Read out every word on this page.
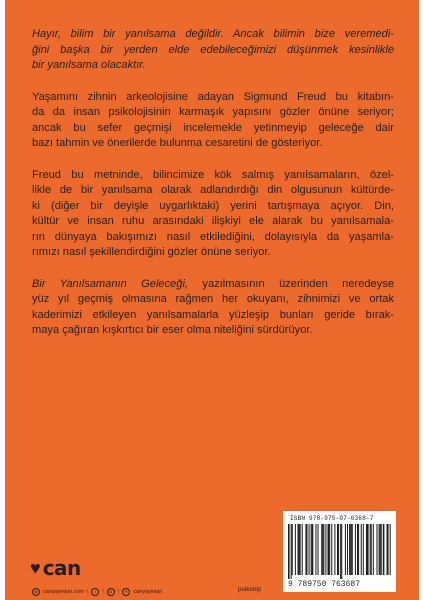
Hayır, bilim bir yanılsama değildir. Ancak bilimin bize veremedi-
ğini başka bir yerden elde edebileceğimizi düşünmek kesinlikle
bir yanılsama olacaktır.
Yaşamını zihnin arkeolojisine adayan Sigmund Freud bu kitabın-
da da insan psikolojisinin karmaşık yapısını gözler önüne seriyor;
ancak bu sefer geçmişi incelemekle yetinmeyip geleceğe dair
bazı tahmin ve önerilerde bulunma cesaretini de gösteriyor.
Freud bu metninde, bilincimize kök salmış yanılsamaların, özel-
likle de bir yanılsama olarak adlandırdığı din olgusunun kültürde-
ki (diğer bir deyişle uygarlıktaki) yerini tartışmaya açıyor. Din,
kültür ve insan ruhu arasındaki ilişkiyi ele alarak bu yanılsamala-
rın dünyaya bakışımızı nasıl etkilediğini, dolayısıyla da yaşamla-
rımızı nasıl şekillendirdiğini gözler önüne seriyor.
Bir Yanılsamanın Geleceği, yazılmasının üzerinden neredeyse
yüz yıl geçmiş olmasına rağmen her okuyanı, zihnimizi ve ortak
kaderimizi etkileyen yanılsamalarla yüzleşip bunları geride bırak-
maya çağıran kışkırtıcı bir eser olma niteliğini sürdürüyor.
ISBN 978-975-07-6368-7
9 789750 763687
♥ can
◍ canyayinlari.com |	f	|	◘	|	✕ canyayinlari	psikoloji
